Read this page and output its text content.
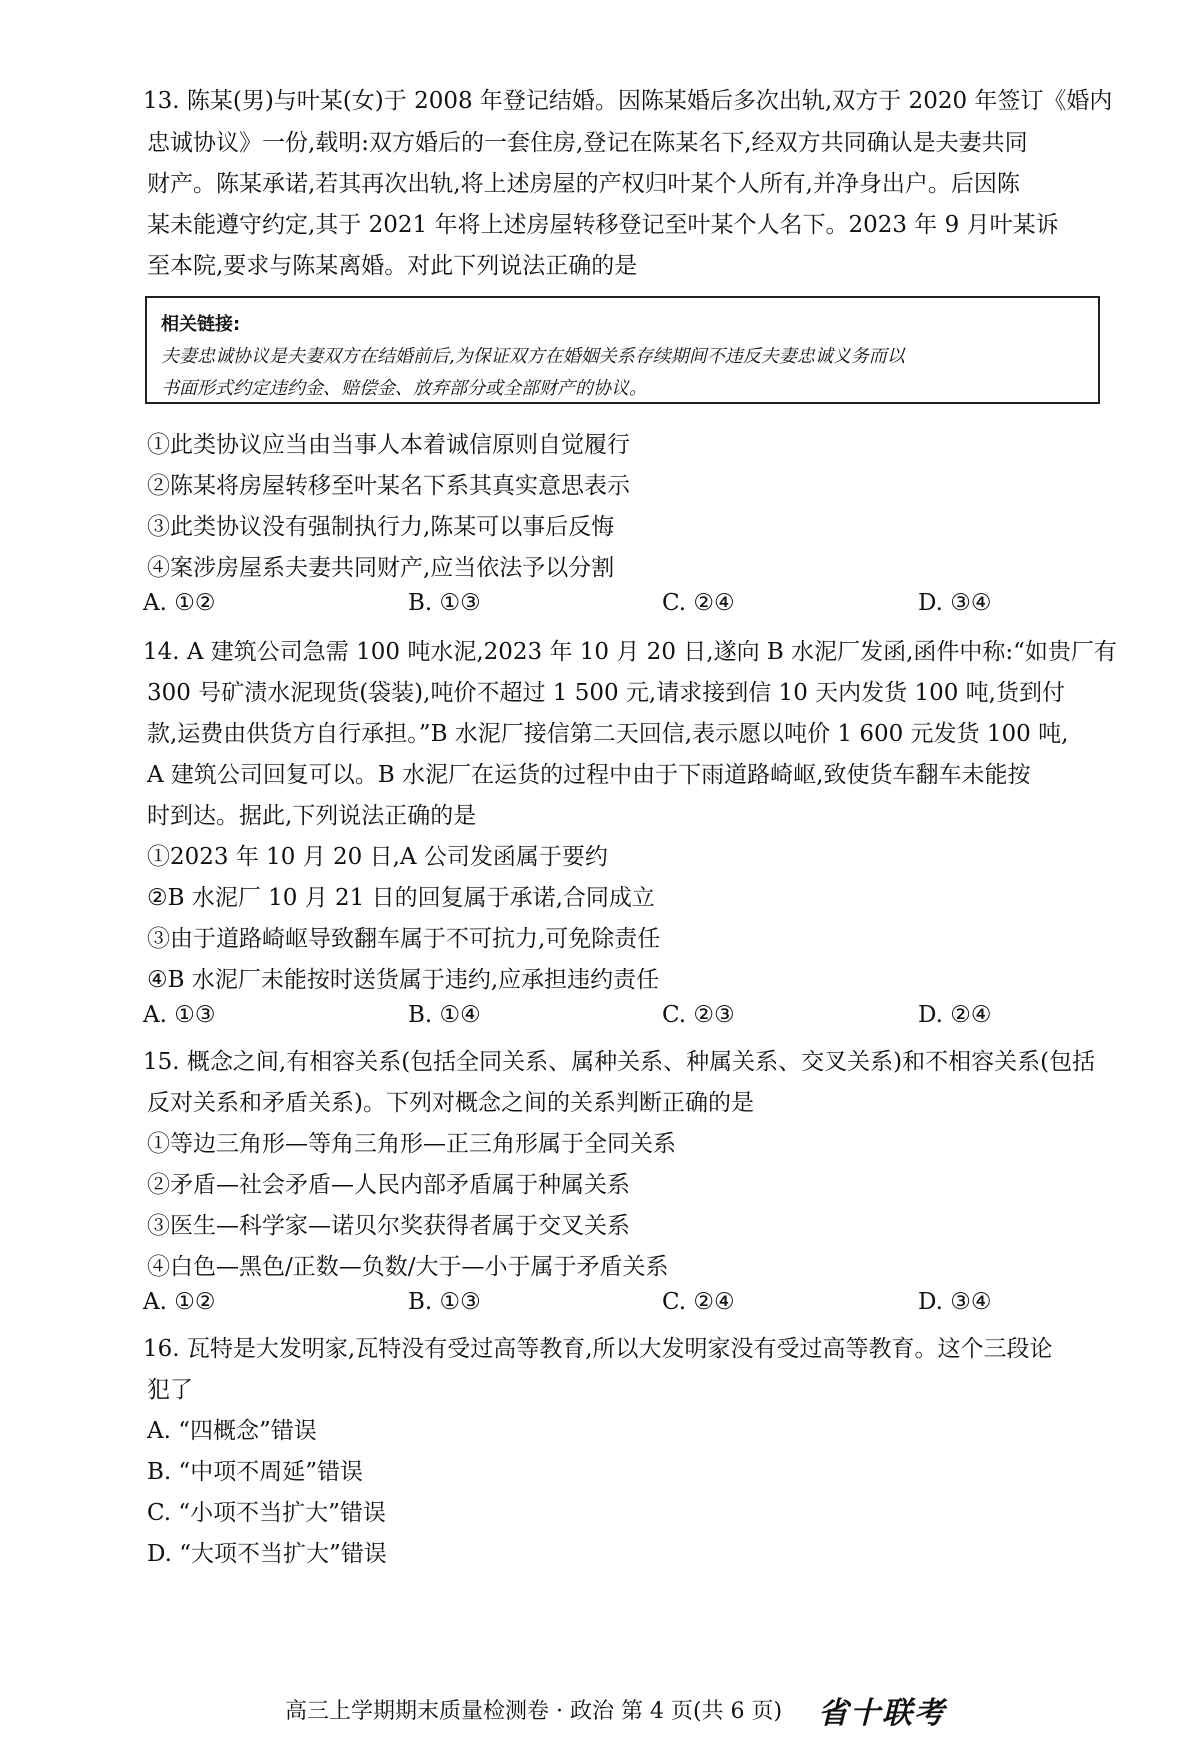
13. 陈某(男)与叶某(女)于 2008 年登记结婚。因陈某婚后多次出轨,双方于 2020 年签订《婚内
忠诚协议》一份,载明:双方婚后的一套住房,登记在陈某名下,经双方共同确认是夫妻共同
财产。陈某承诺,若其再次出轨,将上述房屋的产权归叶某个人所有,并净身出户。后因陈
某未能遵守约定,其于 2021 年将上述房屋转移登记至叶某个人名下。2023 年 9 月叶某诉
至本院,要求与陈某离婚。对此下列说法正确的是
相关链接:
夫妻忠诚协议是夫妻双方在结婚前后,为保证双方在婚姻关系存续期间不违反夫妻忠诚义务而以
书面形式约定违约金、赔偿金、放弃部分或全部财产的协议。
①此类协议应当由当事人本着诚信原则自觉履行
②陈某将房屋转移至叶某名下系其真实意思表示
③此类协议没有强制执行力,陈某可以事后反悔
④案涉房屋系夫妻共同财产,应当依法予以分割
A. ①②	B. ①③	C. ②④	D. ③④
14. A 建筑公司急需 100 吨水泥,2023 年 10 月 20 日,遂向 B 水泥厂发函,函件中称:“如贵厂有
300 号矿渍水泥现货(袋装),吨价不超过 1 500 元,请求接到信 10 天内发货 100 吨,货到付
款,运费由供货方自行承担。”B 水泥厂接信第二天回信,表示愿以吨价 1 600 元发货 100 吨,
A 建筑公司回复可以。B 水泥厂在运货的过程中由于下雨道路崎岖,致使货车翻车未能按
时到达。据此,下列说法正确的是
①2023 年 10 月 20 日,A 公司发函属于要约
②B 水泥厂 10 月 21 日的回复属于承诺,合同成立
③由于道路崎岖导致翻车属于不可抗力,可免除责任
④B 水泥厂未能按时送货属于违约,应承担违约责任
A. ①③	B. ①④	C. ②③	D. ②④
15. 概念之间,有相容关系(包括全同关系、属种关系、种属关系、交叉关系)和不相容关系(包括
反对关系和矛盾关系)。下列对概念之间的关系判断正确的是
①等边三角形—等角三角形—正三角形属于全同关系
②矛盾—社会矛盾—人民内部矛盾属于种属关系
③医生—科学家—诺贝尔奖获得者属于交叉关系
④白色—黑色/正数—负数/大于—小于属于矛盾关系
A. ①②	B. ①③	C. ②④	D. ③④
16. 瓦特是大发明家,瓦特没有受过高等教育,所以大发明家没有受过高等教育。这个三段论
犯了
A. “四概念”错误
B. “中项不周延”错误
C. “小项不当扩大”错误
D. “大项不当扩大”错误
高三上学期期末质量检测卷 · 政治 第 4 页(共 6 页) 省十联考
